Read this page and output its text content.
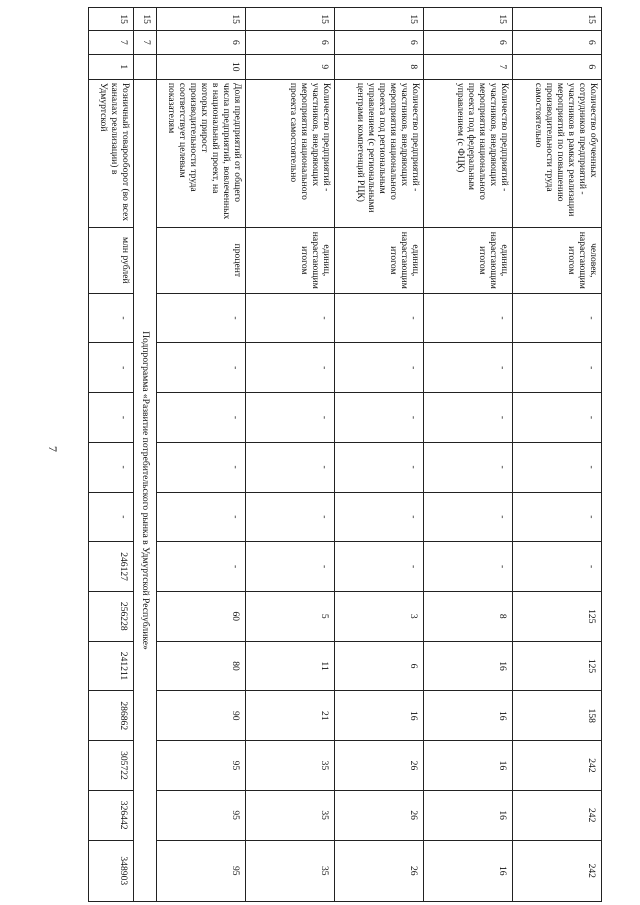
7
15	6	6	Количество обученных сотрудников предприятий - участников в рамках реализации мероприятий по повышению производительности труда самостоятельно	человек, нарастающим итогом	-	-	-	-	-	-	125	125	158	242	242	242
15	6	7	Количество предприятий - участников, внедряющих мероприятия национального проекта под федеральным управлением (с ФЦК)	единиц, нарастающим итогом	-	-	-	-	-	-	8	16	16	16	16	16
15	6	8	Количество предприятий - участников, внедряющих мероприятия национального проекта под региональным управлением (с региональными центрами компетенций РЦК)	единиц, нарастающим итогом	-	-	-	-	-	-	3	6	16	26	26	26
15	6	9	Количество предприятий - участников, внедряющих мероприятия национального проекта самостоятельно	единиц, нарастающим итогом	-	-	-	-	-	-	5	11	21	35	35	35
15	6	10	Доля предприятий от общего числа предприятий, вовлеченных в национальный проект, на которых прирост производительности труда соответствует целевым показателям	процент	-	-	-	-	-	-	60	80	90	95	95	95
15	7		Подпрограмма «Развитие потребительского рынка в Удмуртской Республике»													
15	7	1	Розничный товарооборот (во всех каналах реализации) в Удмуртской	млн рублей	-	-	-	-	-	246127	256228	241211	286862	305722	326442	348903
